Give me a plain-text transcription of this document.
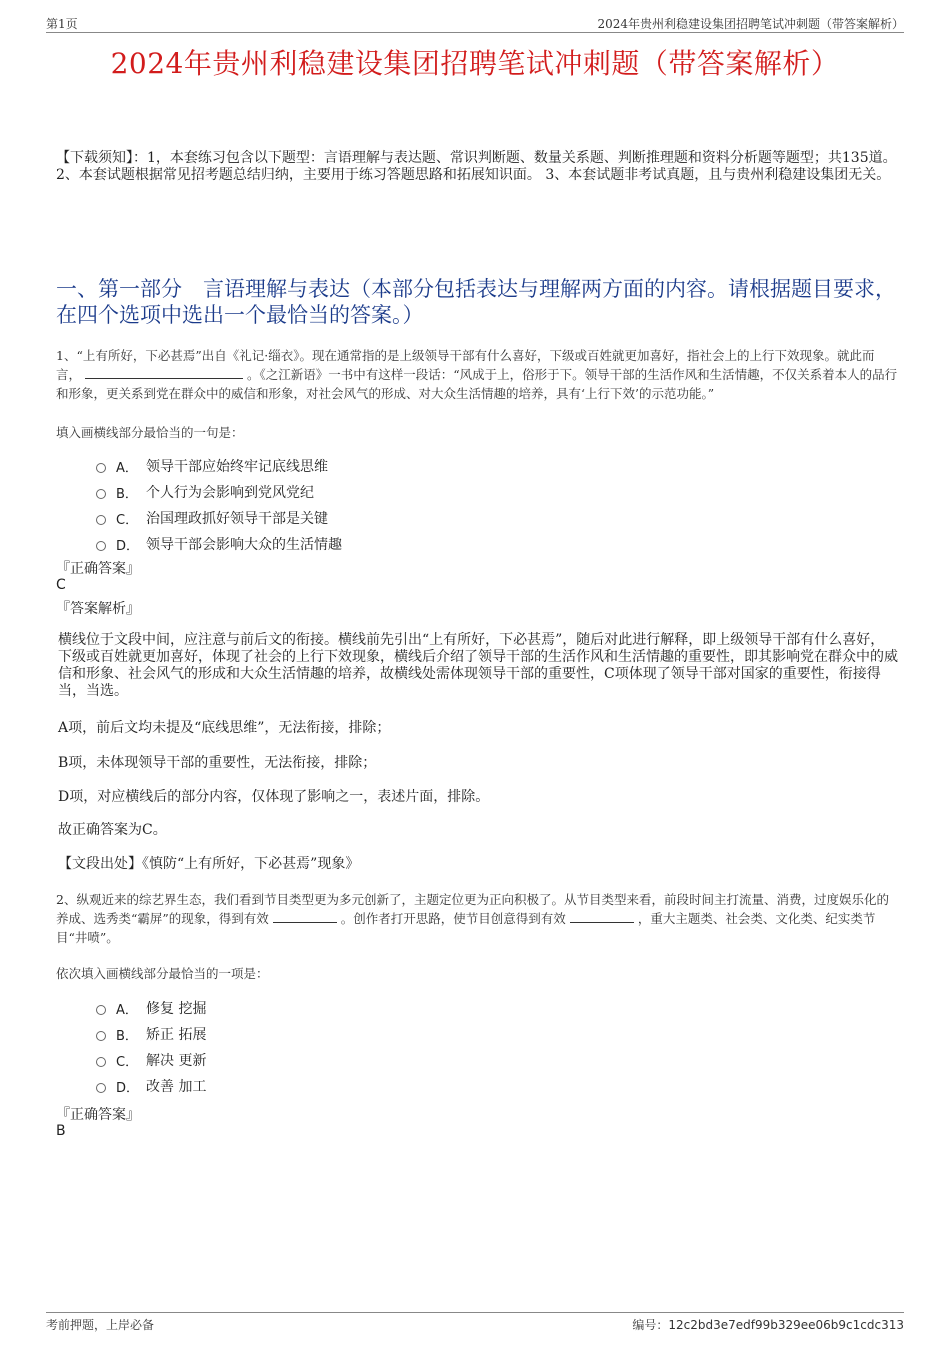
第1页	2024年贵州利稳建设集团招聘笔试冲刺题（带答案解析）
2024年贵州利稳建设集团招聘笔试冲刺题（带答案解析）
【下载须知】：1，本套练习包含以下题型：言语理解与表达题、常识判断题、数量关系题、判断推理题和资料分析题等题型；共135道。 2、本套试题根据常见招考题总结归纳，主要用于练习答题思路和拓展知识面。 3、本套试题非考试真题，且与贵州利稳建设集团无关。
一、第一部分　言语理解与表达（本部分包括表达与理解两方面的内容。请根据题目要求，在四个选项中选出一个最恰当的答案。）
1、“上有所好，下必甚焉”出自《礼记·缁衣》。现在通常指的是上级领导干部有什么喜好，下级或百姓就更加喜好，指社会上的上行下效现象。就此而言，	。《之江新语》一书中有这样一段话：“风成于上，俗形于下。领导干部的生活作风和生活情趣，不仅关系着本人的品行和形象，更关系到党在群众中的威信和形象，对社会风气的形成、对大众生活情趣的培养，具有‘上行下效’的示范功能。”
填入画横线部分最恰当的一句是：
A． 领导干部应始终牢记底线思维
B． 个人行为会影响到党风党纪
C． 治国理政抓好领导干部是关键
D． 领导干部会影响大众的生活情趣
『正确答案』
C
『答案解析』
横线位于文段中间，应注意与前后文的衔接。横线前先引出“上有所好，下必甚焉”，随后对此进行解释，即上级领导干部有什么喜好，下级或百姓就更加喜好，体现了社会的上行下效现象，横线后介绍了领导干部的生活作风和生活情趣的重要性，即其影响党在群众中的威信和形象、社会风气的形成和大众生活情趣的培养，故横线处需体现领导干部的重要性，C项体现了领导干部对国家的重要性，衔接得当，当选。
A项，前后文均未提及“底线思维”，无法衔接，排除；
B项，未体现领导干部的重要性，无法衔接，排除；
D项，对应横线后的部分内容，仅体现了影响之一，表述片面，排除。
故正确答案为C。
【文段出处】《慎防“上有所好，下必甚焉”现象》
2、纵观近来的综艺界生态，我们看到节目类型更为多元创新了，主题定位更为正向积极了。从节目类型来看，前段时间主打流量、消费，过度娱乐化的养成、选秀类“霸屏”的现象，得到有效	。创作者打开思路，使节目创意得到有效	，重大主题类、社会类、文化类、纪实类节目“井喷”。
依次填入画横线部分最恰当的一项是：
A． 修复 挖掘
B． 矫正 拓展
C． 解决 更新
D． 改善 加工
『正确答案』
B
考前押题，上岸必备	编号：12c2bd3e7edf99b329ee06b9c1cdc313
